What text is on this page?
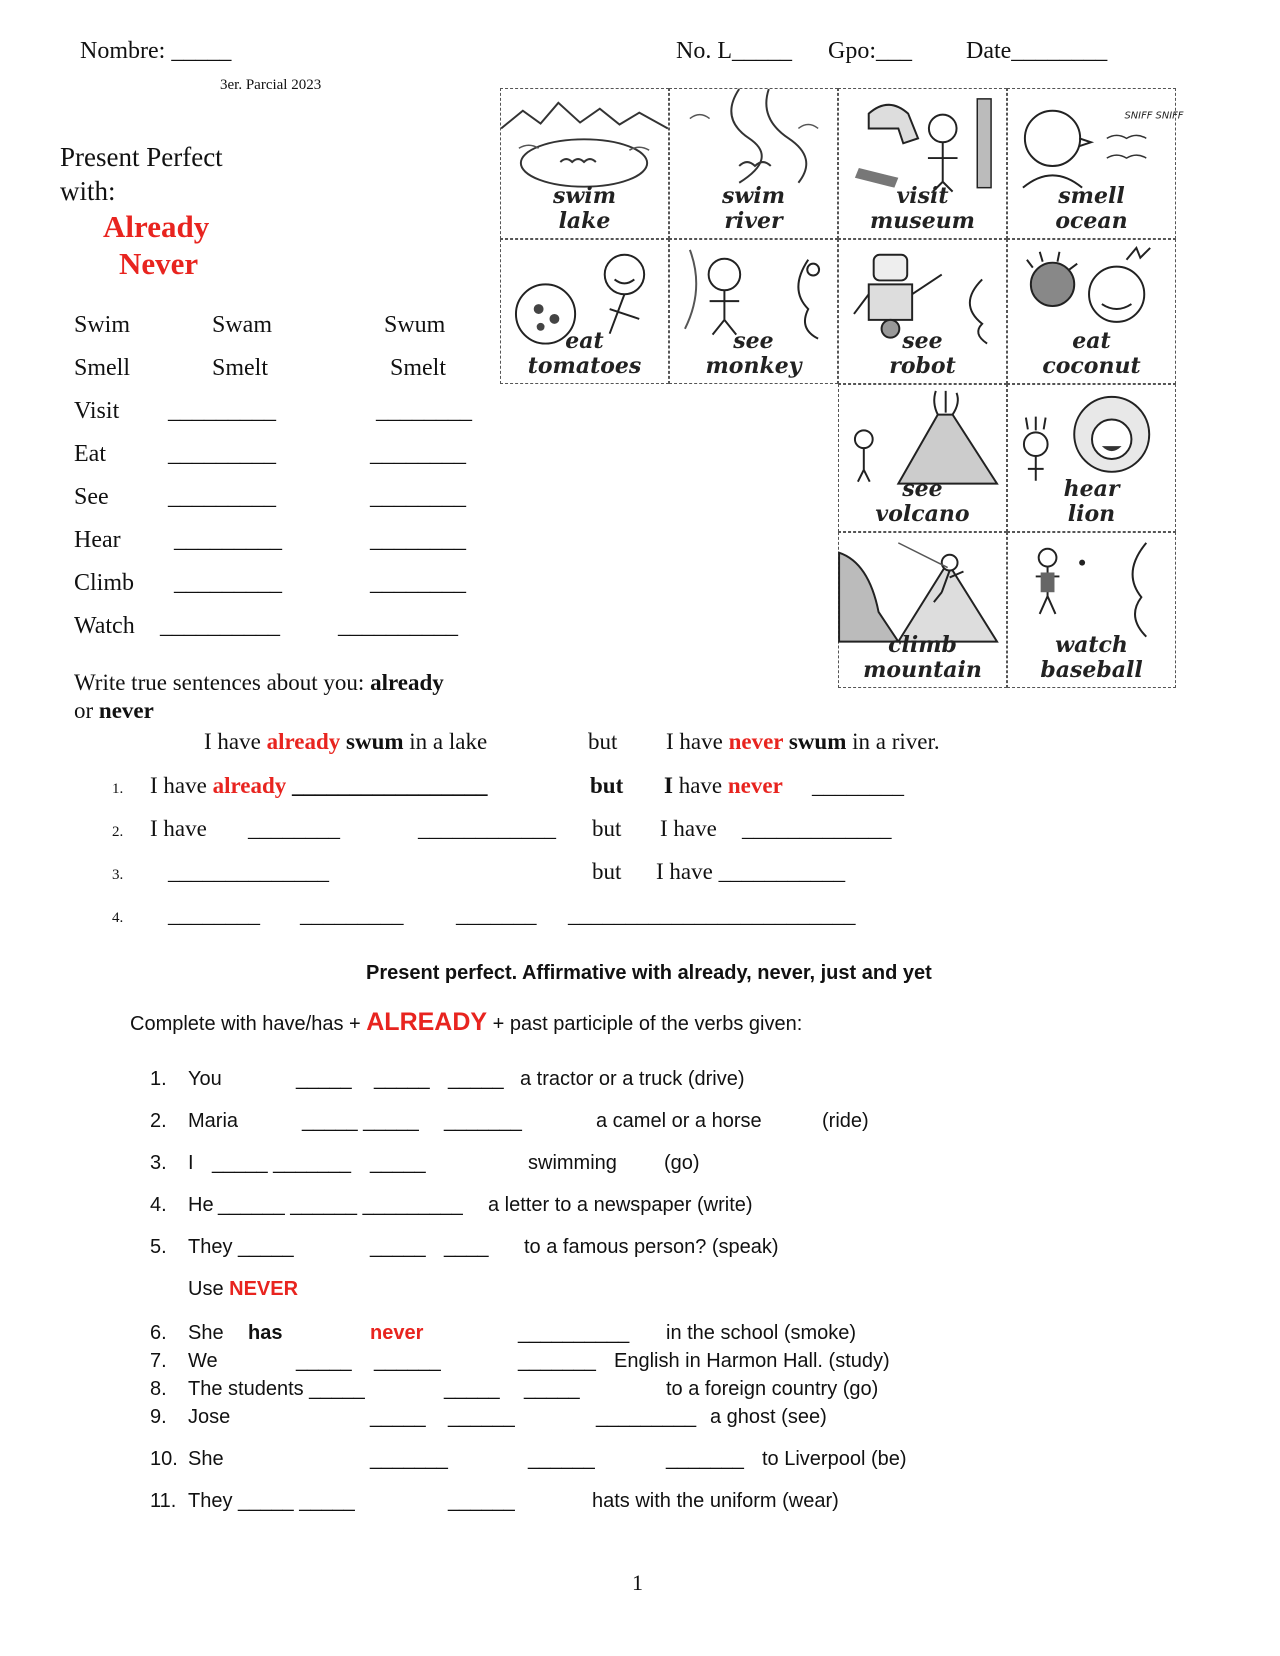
Nombre: _____	No. L_____ Gpo:___ Date________
3er. Parcial 2023
Present Perfect
with:
Already
Never
Swim	Swam	Swum
Smell	Smelt	Smelt
Visit _________	________
Eat	_________	________
See _________	________
Hear _________	________
Climb _________	________
Watch __________ __________
swim
lake
swim
river
visit
museum
SNIFF SNIFF
smell
ocean
eat
tomatoes
see
monkey
see
robot
eat
coconut
see
volcano
hear
lion
climb
mountain
watch
baseball
Write true sentences about you: already
or never
I have already swum in a lake	but I have never swum in a river.
1. I have already _________________	but I have never ________
2. I have ________	____________ but I have _____________
3. ______________	but I have ___________
4. ________ _________ _______ _________________________
Present perfect. Affirmative with already, never, just and yet
Complete with have/has + ALREADY + past participle of the verbs given:
1. You	_____ _____ _____ a tractor or a truck (drive)
2. Maria	_____ _____ _______	a camel or a horse	(ride)
3. I _____ _______ _____	swimming (go)
4. He ______ ______ _________ a letter to a newspaper (write)
5. They _____	_____ ____ to a famous person? (speak)
Use NEVER
6. She has	never	__________ in the school (smoke)
7. We	_____ ______	_______ English in Harmon Hall. (study)
8. The students _____	_____ _____	to a foreign country (go)
9. Jose	_____ ______	_________ a ghost (see)
10. She	_______	______	_______ to Liverpool (be)
11. They _____ _____	______	hats with the uniform (wear)
1
